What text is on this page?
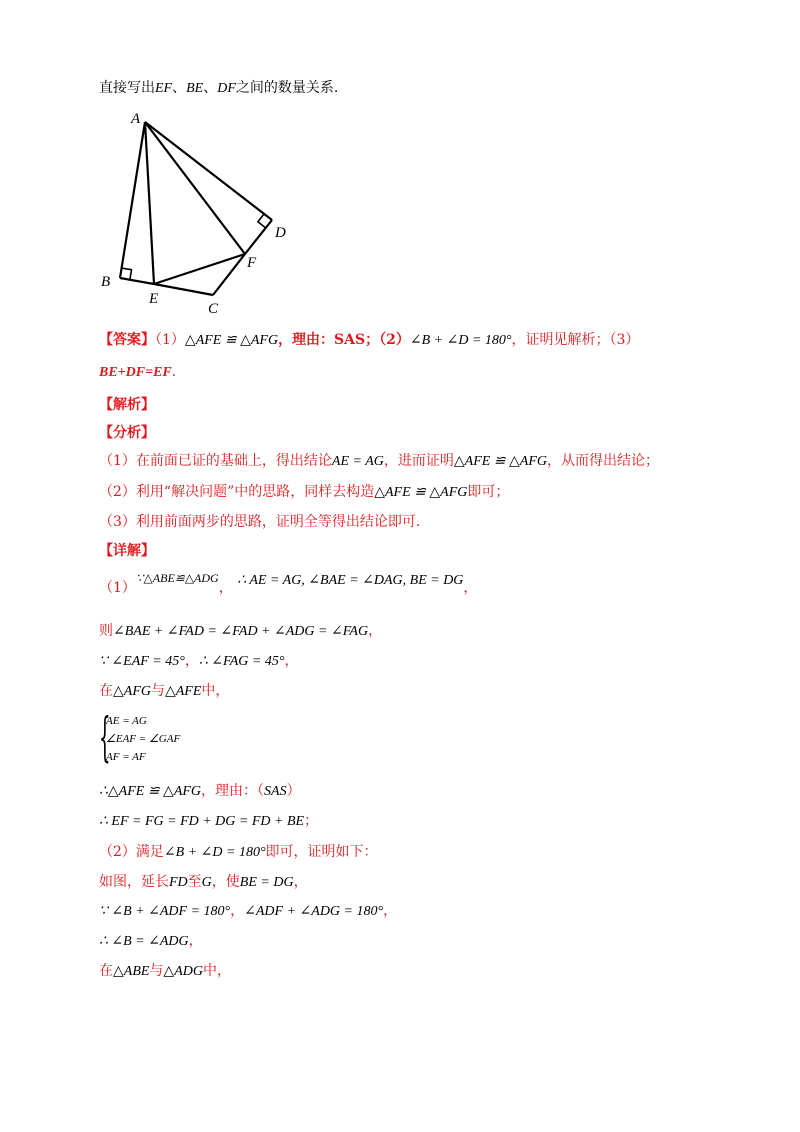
直接写出EF、BE、DF之间的数量关系.
A
B
C
D
E
F
【答案】（1）△AFE ≌ △AFG，理由：SAS；（2）∠B + ∠D = 180°，证明见解析；（3）
BE+DF=EF.
【解析】
【分析】
（1）在前面已证的基础上，得出结论AE = AG，进而证明△AFE ≌ △AFG，从而得出结论；
（2）利用“解决问题”中的思路，同样去构造△AFE ≌ △AFG即可；
（3）利用前面两步的思路，证明全等得出结论即可.
【详解】
（1）∵△ABE≌△ADG， ∴ AE = AG, ∠BAE = ∠DAG, BE = DG，
则∠BAE + ∠FAD = ∠FAD + ∠ADG = ∠FAG，
∵ ∠EAF = 45°，∴ ∠FAG = 45°，
在△AFG与△AFE中，
{
AE = AG
∠EAF = ∠GAF
AF = AF
∴△AFE ≌ △AFG，理由：（SAS）
∴ EF = FG = FD + DG = FD + BE；
（2）满足∠B + ∠D = 180°即可，证明如下：
如图，延长FD至G，使BE = DG，
∵ ∠B + ∠ADF = 180°，∠ADF + ∠ADG = 180°，
∴ ∠B = ∠ADG，
在△ABE与△ADG中，
